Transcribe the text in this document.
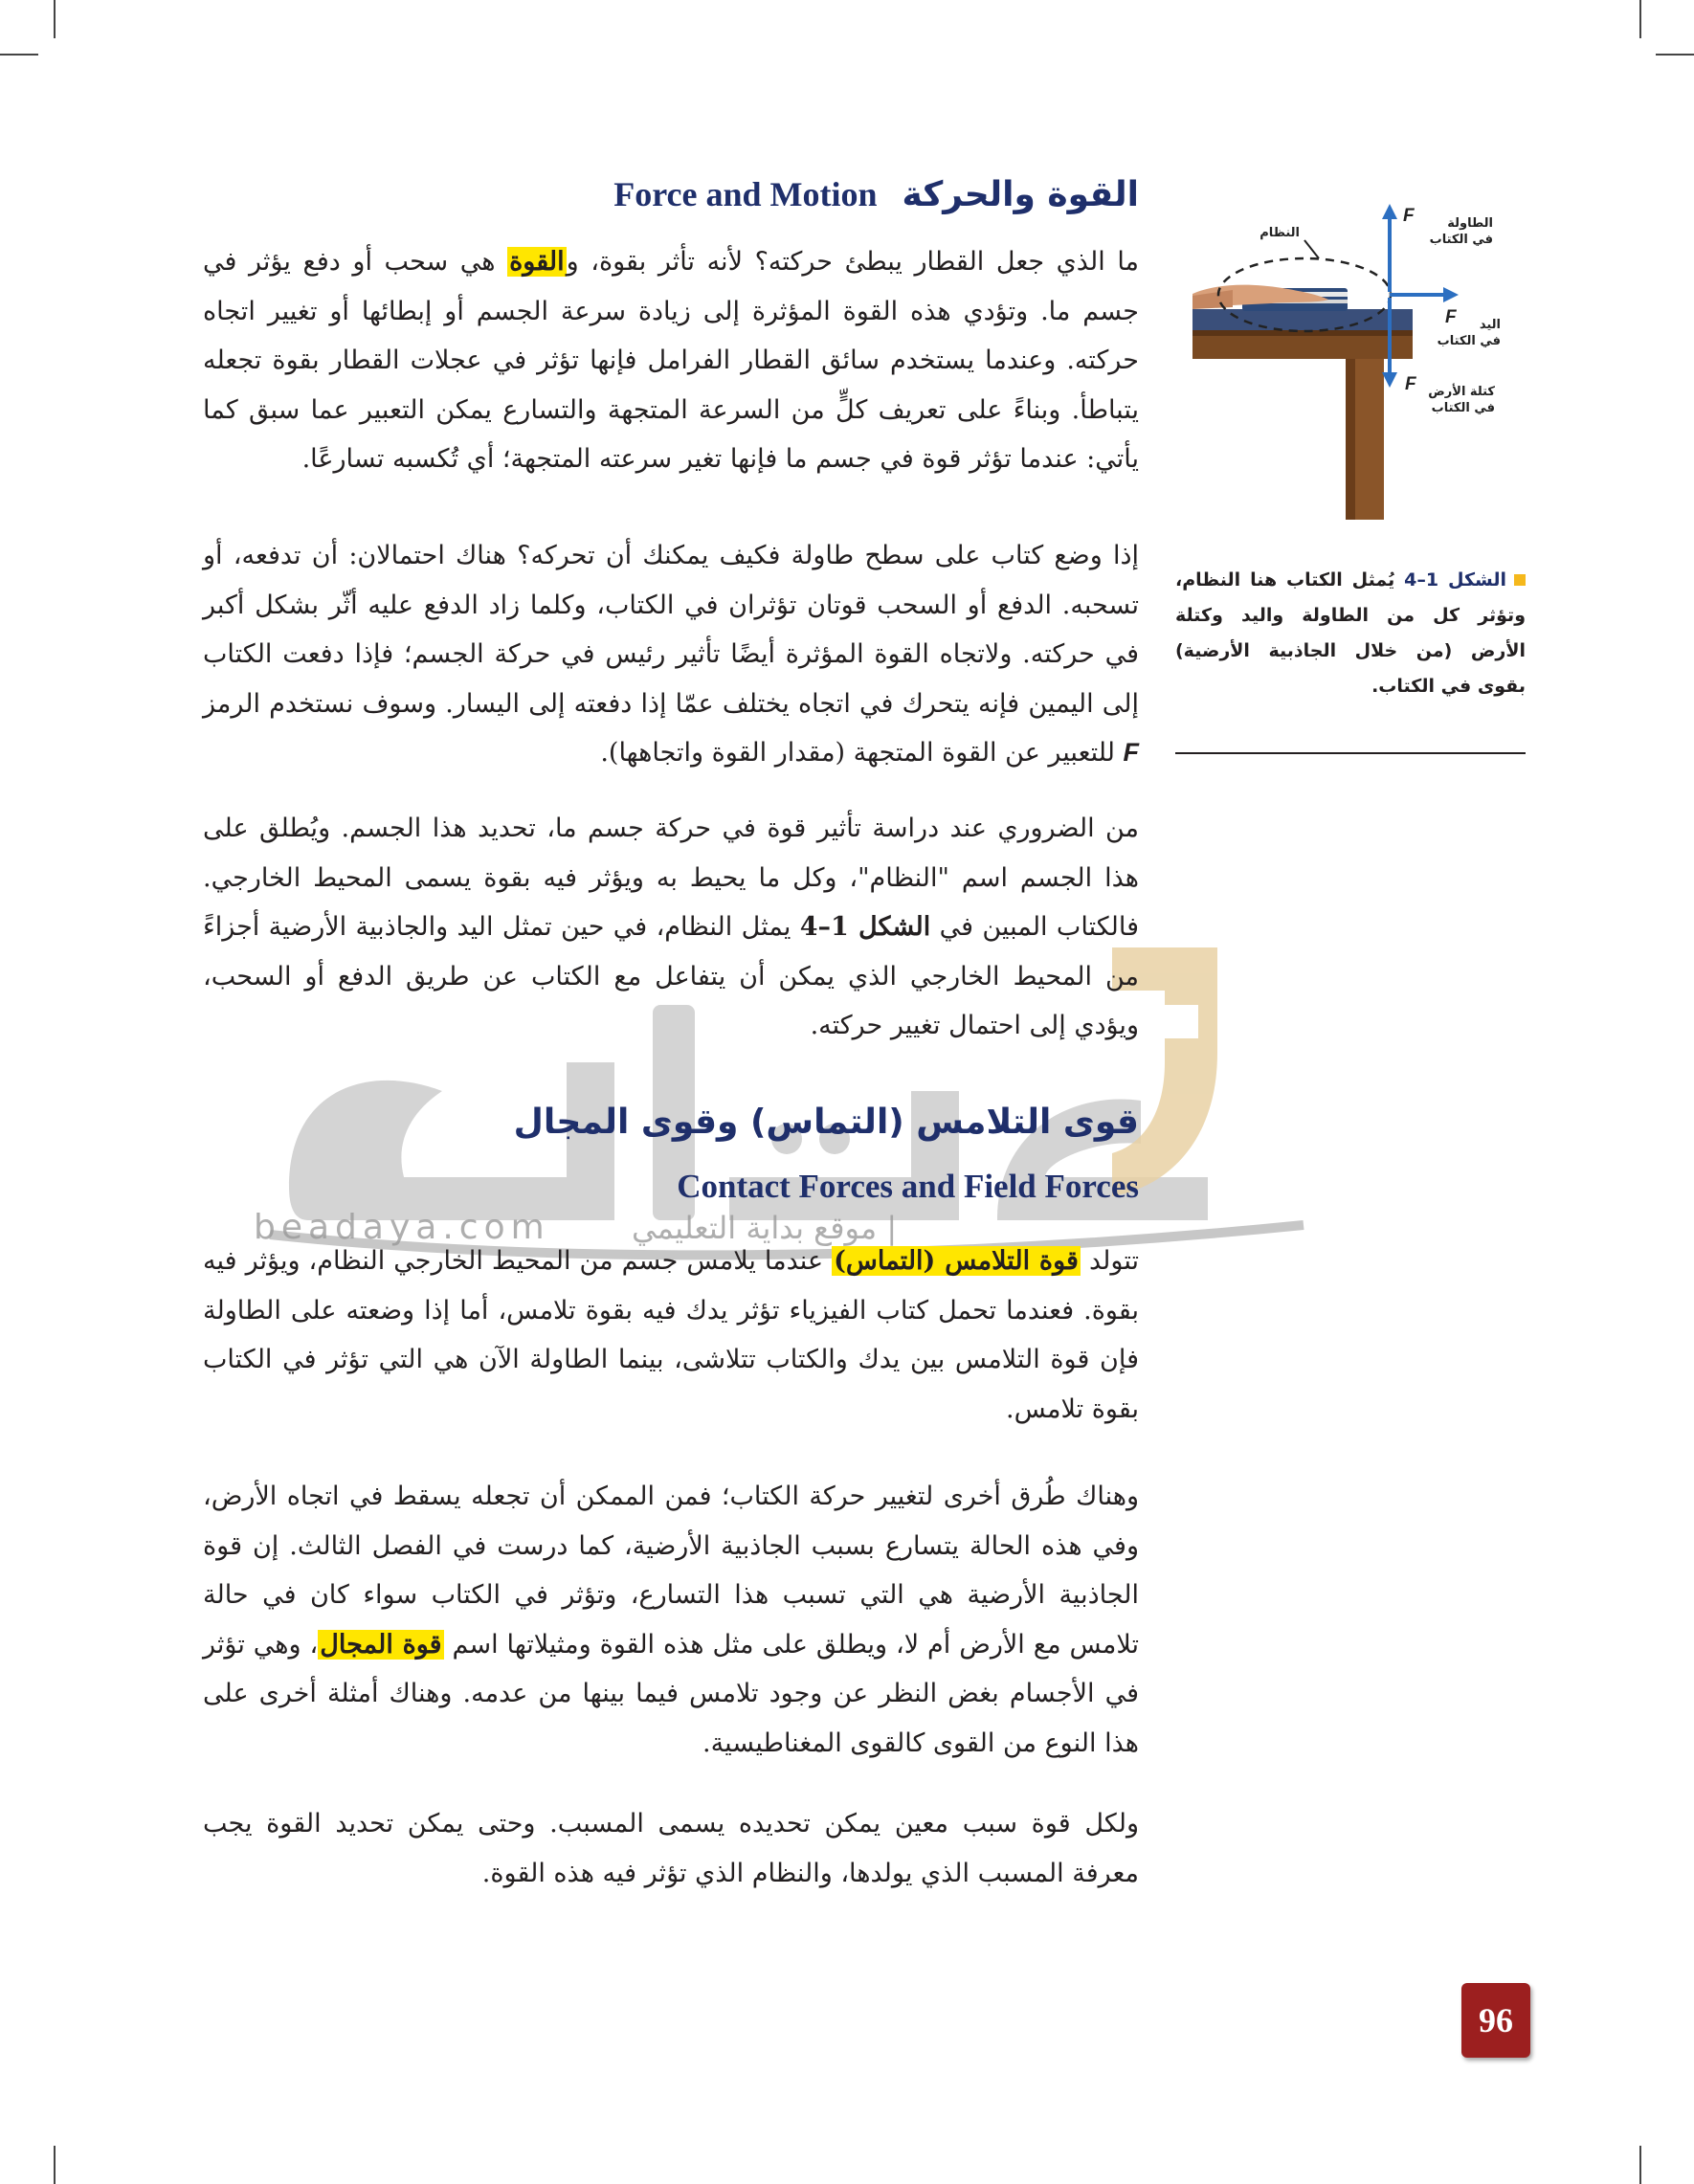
beadaya.com	| موقع بداية التعليمي
Force and Motion القوة والحركة

ما الذي جعل القطار يبطئ حركته؟ لأنه تأثر بقوة، والقوة هي سحب أو دفع يؤثر في جسم ما. وتؤدي هذه القوة المؤثرة إلى زيادة سرعة الجسم أو إبطائها أو تغيير اتجاه حركته. وعندما يستخدم سائق القطار الفرامل فإنها تؤثر في عجلات القطار بقوة تجعله يتباطأ. وبناءً على تعريف كلٍّ من السرعة المتجهة والتسارع يمكن التعبير عما سبق كما يأتي: عندما تؤثر قوة في جسم ما فإنها تغير سرعته المتجهة؛ أي تُكسبه تسارعًا.

إذا وضع كتاب على سطح طاولة فكيف يمكنك أن تحركه؟ هناك احتمالان: أن تدفعه، أو تسحبه. الدفع أو السحب قوتان تؤثران في الكتاب، وكلما زاد الدفع عليه أثّر بشكل أكبر في حركته. ولاتجاه القوة المؤثرة أيضًا تأثير رئيس في حركة الجسم؛ فإذا دفعت الكتاب إلى اليمين فإنه يتحرك في اتجاه يختلف عمّا إذا دفعته إلى اليسار. وسوف نستخدم الرمز F للتعبير عن القوة المتجهة (مقدار القوة واتجاهها).

من الضروري عند دراسة تأثير قوة في حركة جسم ما، تحديد هذا الجسم. ويُطلق على هذا الجسم اسم "النظام"، وكل ما يحيط به ويؤثر فيه بقوة يسمى المحيط الخارجي. فالكتاب المبين في الشكل 1–4 يمثل النظام، في حين تمثل اليد والجاذبية الأرضية أجزاءً من المحيط الخارجي الذي يمكن أن يتفاعل مع الكتاب عن طريق الدفع أو السحب، ويؤدي إلى احتمال تغيير حركته.

قوى التلامس (التماس) وقوى المجال
Contact Forces and Field Forces

تتولد قوة التلامس (التماس) عندما يلامس جسم من المحيط الخارجي النظام، ويؤثر فيه بقوة. فعندما تحمل كتاب الفيزياء تؤثر يدك فيه بقوة تلامس، أما إذا وضعته على الطاولة فإن قوة التلامس بين يدك والكتاب تتلاشى، بينما الطاولة الآن هي التي تؤثر في الكتاب بقوة تلامس.

وهناك طُرق أخرى لتغيير حركة الكتاب؛ فمن الممكن أن تجعله يسقط في اتجاه الأرض، وفي هذه الحالة يتسارع بسبب الجاذبية الأرضية، كما درست في الفصل الثالث. إن قوة الجاذبية الأرضية هي التي تسبب هذا التسارع، وتؤثر في الكتاب سواء كان في حالة تلامس مع الأرض أم لا، ويطلق على مثل هذه القوة ومثيلاتها اسم قوة المجال، وهي تؤثر في الأجسام بغض النظر عن وجود تلامس فيما بينها من عدمه. وهناك أمثلة أخرى على هذا النوع من القوى كالقوى المغناطيسية.

ولكل قوة سبب معين يمكن تحديده يسمى المسبب. وحتى يمكن تحديد القوة يجب معرفة المسبب الذي يولدها، والنظام الذي تؤثر فيه هذه القوة.

النظام
F	الطاولة
في الكتاب
F	اليد
في الكتاب
F	كتلة الأرض
في الكتاب
الشكل 1–4 يُمثل الكتاب هنا النظام، وتؤثر كل من الطاولة واليد وكتلة الأرض (من خلال الجاذبية الأرضية) بقوى في الكتاب.
96
